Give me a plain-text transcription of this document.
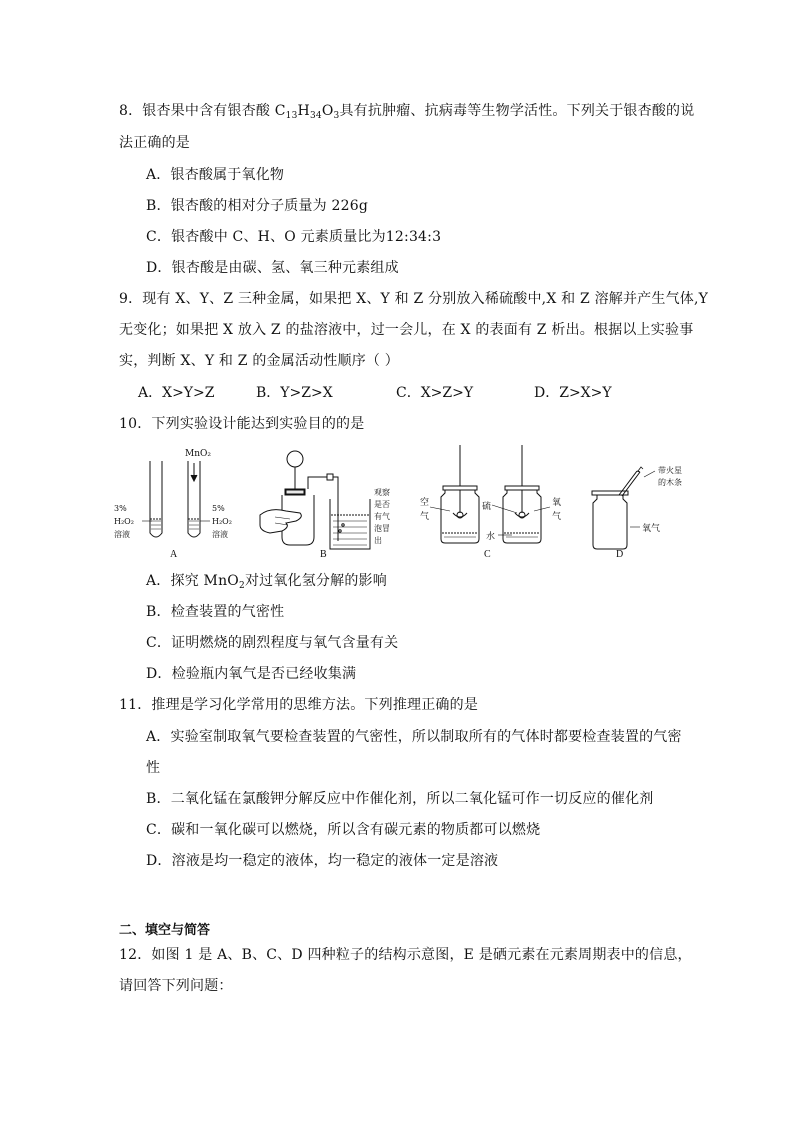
8．银杏果中含有银杏酸 $C_{13}H_{34}O_3$具有抗肿瘤、抗病毒等生物学活性。下列关于银杏酸的说
法正确的是
A．银杏酸属于氧化物
B．银杏酸的相对分子质量为 226g
C．银杏酸中 C、H、O 元素质量比为12:34:3
D．银杏酸是由碳、氢、氧三种元素组成
9．现有 X、Y、Z 三种金属，如果把 X、Y 和 Z 分别放入稀硫酸中,X 和 Z 溶解并产生气体,Y
无变化；如果把 X 放入 Z 的盐溶液中，过一会儿，在 X 的表面有 Z 析出。根据以上实验事
实，判断 X、Y 和 Z 的金属活动性顺序（ ）
A．X>Y>Z	B．Y>Z>X	C．X>Z>Y	D．Z>X>Y
10．下列实验设计能达到实验目的的是
MnO₂
3%
H₂O₂
溶液
5%
H₂O₂
溶液
观察
是否
有气
泡冒
出
空
气
硫	氧
气
水
带火星
的木条
氧气
A	B	C	D
A．探究 MnO$_2$对过氧化氢分解的影响
B．检查装置的气密性
C．证明燃烧的剧烈程度与氧气含量有关
D．检验瓶内氧气是否已经收集满
11．推理是学习化学常用的思维方法。下列推理正确的是
A．实验室制取氧气要检查装置的气密性，所以制取所有的气体时都要检查装置的气密
性
B．二氧化锰在氯酸钾分解反应中作催化剂，所以二氧化锰可作一切反应的催化剂
C．碳和一氧化碳可以燃烧，所以含有碳元素的物质都可以燃烧
D．溶液是均一稳定的液体，均一稳定的液体一定是溶液
二、填空与简答
12．如图 1 是 A、B、C、D 四种粒子的结构示意图，E 是硒元素在元素周期表中的信息，
请回答下列问题：
